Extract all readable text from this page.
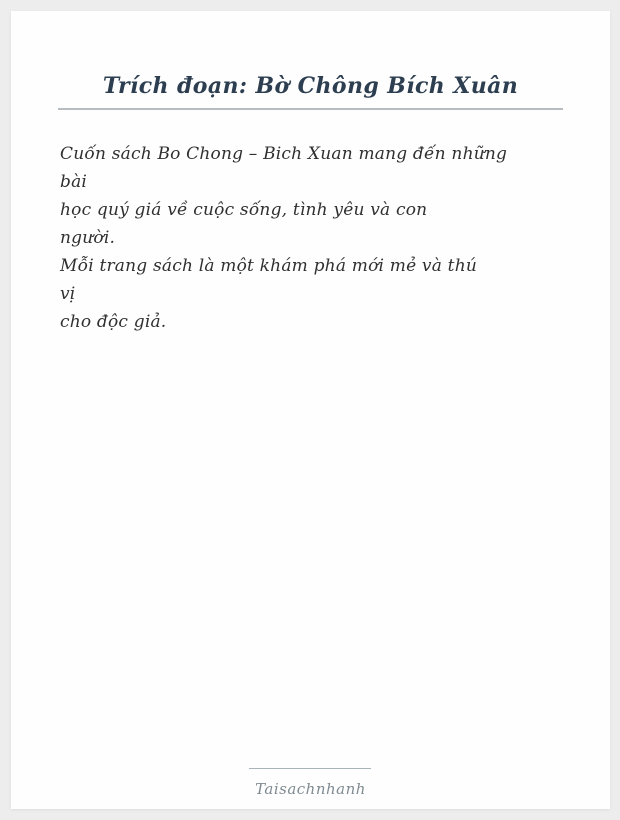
Trích đoạn: Bờ Chông Bích Xuân
Cuốn sách Bo Chong – Bich Xuan mang đến những
bài
học quý giá về cuộc sống, tình yêu và con
người.
Mỗi trang sách là một khám phá mới mẻ và thú
vị
cho độc giả.
Taisachnhanh
